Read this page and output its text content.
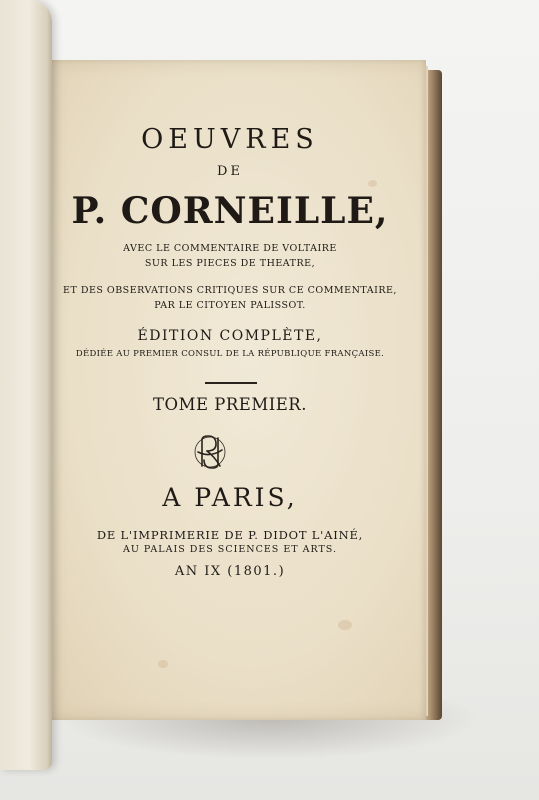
OEUVRES
DE
P. CORNEILLE,
AVEC LE COMMENTAIRE DE VOLTAIRE
SUR LES PIECES DE THEATRE,
ET DES OBSERVATIONS CRITIQUES SUR CE COMMENTAIRE,
PAR LE CITOYEN PALISSOT.
ÉDITION COMPLÈTE,
DÉDIÉE AU PREMIER CONSUL DE LA RÉPUBLIQUE FRANÇAISE.
TOME PREMIER.
A PARIS,
DE L'IMPRIMERIE DE P. DIDOT L'AINÉ,
AU PALAIS DES SCIENCES ET ARTS.
AN IX (1801.)
